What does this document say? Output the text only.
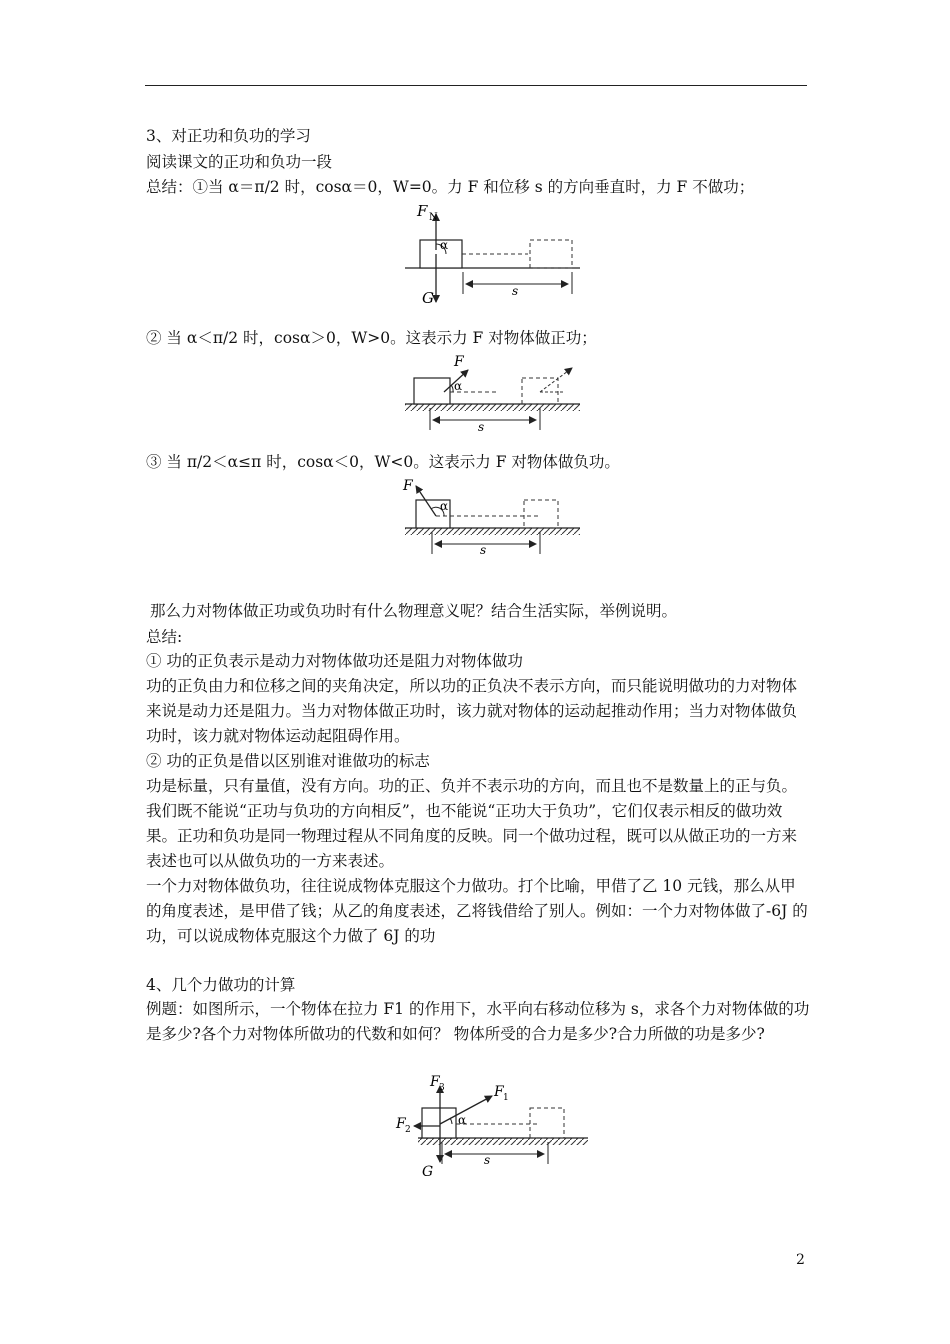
3、对正功和负功的学习
阅读课文的正功和负功一段
总结：①当 α＝π/2 时，cosα＝0，W=0。力 F 和位移 s 的方向垂直时，力 F 不做功；
F N
α
G	s
② 当 α＜π/2 时，cosα＞0，W>0。这表示力 F 对物体做正功；
F
α
s
③ 当 π/2＜α≤π 时，cosα＜0，W<0。这表示力 F 对物体做负功。
F
α
s
那么力对物体做正功或负功时有什么物理意义呢？结合生活实际，举例说明。
总结:

① 功的正负表示是动力对物体做功还是阻力对物体做功

功的正负由力和位移之间的夹角决定，所以功的正负决不表示方向，而只能说明做功的力对物体来说是动力还是阻力。当力对物体做正功时，该力就对物体的运动起推动作用；当力对物体做负功时，该力就对物体运动起阻碍作用。

② 功的正负是借以区别谁对谁做功的标志

功是标量，只有量值，没有方向。功的正、负并不表示功的方向，而且也不是数量上的正与负。我们既不能说“正功与负功的方向相反”，也不能说“正功大于负功”，它们仅表示相反的做功效果。正功和负功是同一物理过程从不同角度的反映。同一个做功过程，既可以从做正功的一方来表述也可以从做负功的一方来表述。

一个力对物体做负功，往往说成物体克服这个力做功。打个比喻，甲借了乙 10 元钱，那么从甲的角度表述，是甲借了钱；从乙的角度表述，乙将钱借给了别人。例如：一个力对物体做了-6J 的功，可以说成物体克服这个力做了 6J 的功

4、几个力做功的计算
例题：如图所示，一个物体在拉力 F1 的作用下，水平向右移动位移为 s，求各个力对物体做的功是多少?各个力对物体所做功的代数和如何？ 物体所受的合力是多少?合力所做的功是多少?
F 3	F 1
F 2
α
G
s
2
